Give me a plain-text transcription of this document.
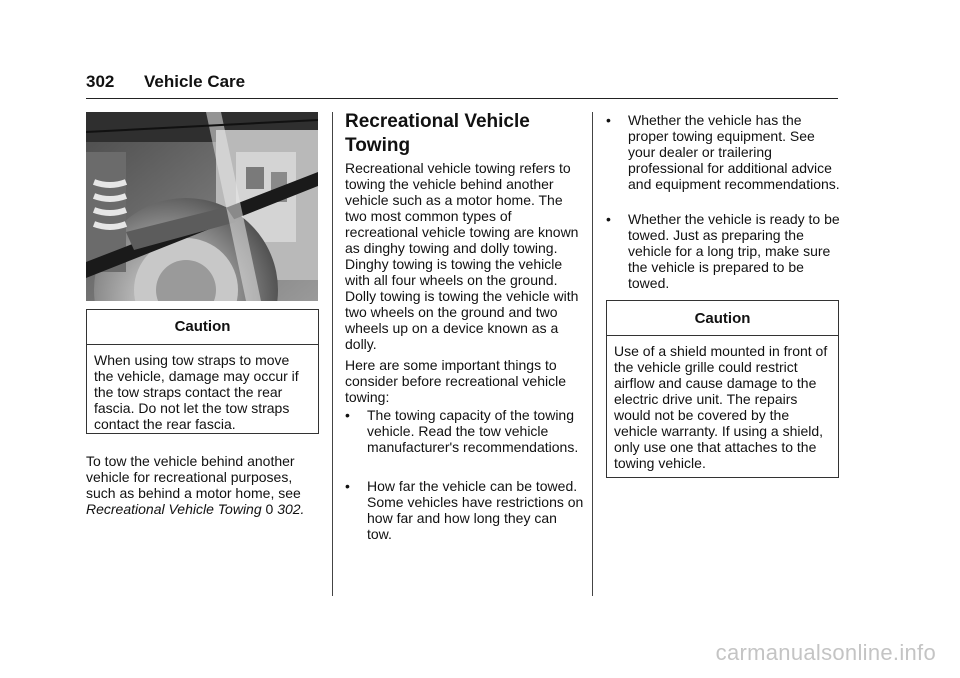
302 Vehicle Care
Caution
When using tow straps to move the vehicle, damage may occur if the tow straps contact the rear fascia. Do not let the tow straps contact the rear fascia.
To tow the vehicle behind another vehicle for recreational purposes, such as behind a motor home, see Recreational Vehicle Towing 0 302.
Recreational Vehicle Towing
Recreational vehicle towing refers to towing the vehicle behind another vehicle such as a motor home. The two most common types of recreational vehicle towing are known as dinghy towing and dolly towing. Dinghy towing is towing the vehicle with all four wheels on the ground. Dolly towing is towing the vehicle with two wheels on the ground and two wheels up on a device known as a dolly.
Here are some important things to consider before recreational vehicle towing:
• The towing capacity of the towing vehicle. Read the tow vehicle manufacturer's recommendations.
• How far the vehicle can be towed. Some vehicles have restrictions on how far and how long they can tow.
• Whether the vehicle has the proper towing equipment. See your dealer or trailering professional for additional advice and equipment recommendations.
• Whether the vehicle is ready to be towed. Just as preparing the vehicle for a long trip, make sure the vehicle is prepared to be towed.
Caution
Use of a shield mounted in front of the vehicle grille could restrict airflow and cause damage to the electric drive unit. The repairs would not be covered by the vehicle warranty. If using a shield, only use one that attaches to the towing vehicle.
carmanualsonline.info
